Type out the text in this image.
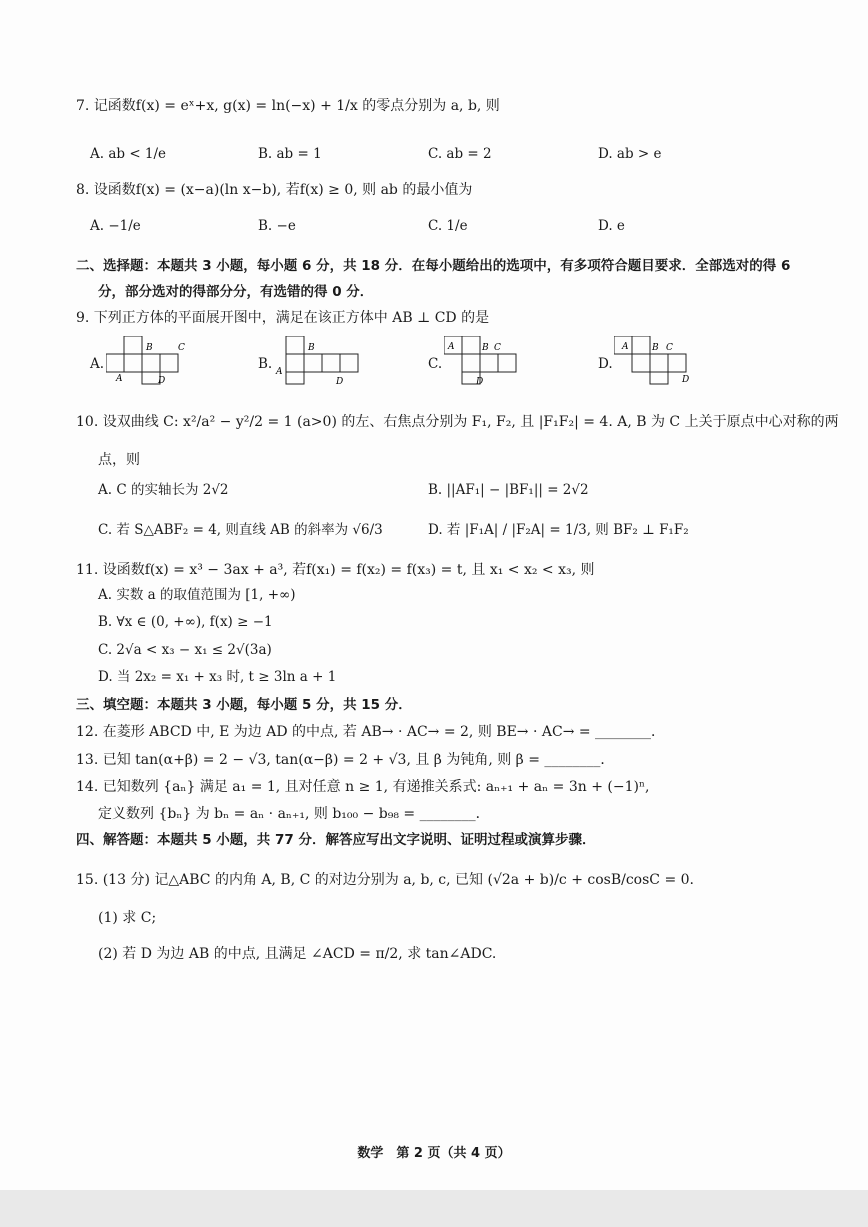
7. 记函数f(x) = eˣ+x, g(x) = ln(−x) + 1/x 的零点分别为 a, b, 则
A. ab < 1/e	B. ab = 1	C. ab = 2	D. ab > e
8. 设函数f(x) = (x−a)(ln x−b), 若f(x) ≥ 0, 则 ab 的最小值为
A. −1/e	B. −e	C. 1/e	D. e
二、选择题：本题共 3 小题，每小题 6 分，共 18 分．在每小题给出的选项中，有多项符合题目要求．全部选对的得 6
分，部分选对的得部分分，有选错的得 0 分．
9. 下列正方体的平面展开图中，满足在该正方体中 AB ⊥ CD 的是
A.
B	C
A	D
B.
B
A
D
C.
A	B C
D
D.
A	B C
D
10. 设双曲线 C: x²/a² − y²/2 = 1 (a>0) 的左、右焦点分别为 F₁, F₂, 且 |F₁F₂| = 4. A, B 为 C 上关于原点中心对称的两
点，则
A. C 的实轴长为 2√2	B. ||AF₁| − |BF₁|| = 2√2
C. 若 S△ABF₂ = 4, 则直线 AB 的斜率为 √6/3	D. 若 |F₁A| / |F₂A| = 1/3, 则 BF₂ ⊥ F₁F₂
11. 设函数f(x) = x³ − 3ax + a³, 若f(x₁) = f(x₂) = f(x₃) = t, 且 x₁ < x₂ < x₃, 则
A. 实数 a 的取值范围为 [1, +∞)
B. ∀x ∈ (0, +∞), f(x) ≥ −1
C. 2√a < x₃ − x₁ ≤ 2√(3a)
D. 当 2x₂ = x₁ + x₃ 时, t ≥ 3ln a + 1
三、填空题：本题共 3 小题，每小题 5 分，共 15 分．
12. 在菱形 ABCD 中, E 为边 AD 的中点, 若 AB→ · AC→ = 2, 则 BE→ · AC→ = ________．
13. 已知 tan(α+β) = 2 − √3, tan(α−β) = 2 + √3, 且 β 为钝角, 则 β = ________．
14. 已知数列 {aₙ} 满足 a₁ = 1, 且对任意 n ≥ 1, 有递推关系式: aₙ₊₁ + aₙ = 3n + (−1)ⁿ,
定义数列 {bₙ} 为 bₙ = aₙ · aₙ₊₁, 则 b₁₀₀ − b₉₈ = ________．
四、解答题：本题共 5 小题，共 77 分．解答应写出文字说明、证明过程或演算步骤．
15. (13 分) 记△ABC 的内角 A, B, C 的对边分别为 a, b, c, 已知 (√2a + b)/c + cosB/cosC = 0.
(1) 求 C;
(2) 若 D 为边 AB 的中点, 且满足 ∠ACD = π/2, 求 tan∠ADC.
数学　第 2 页（共 4 页）
